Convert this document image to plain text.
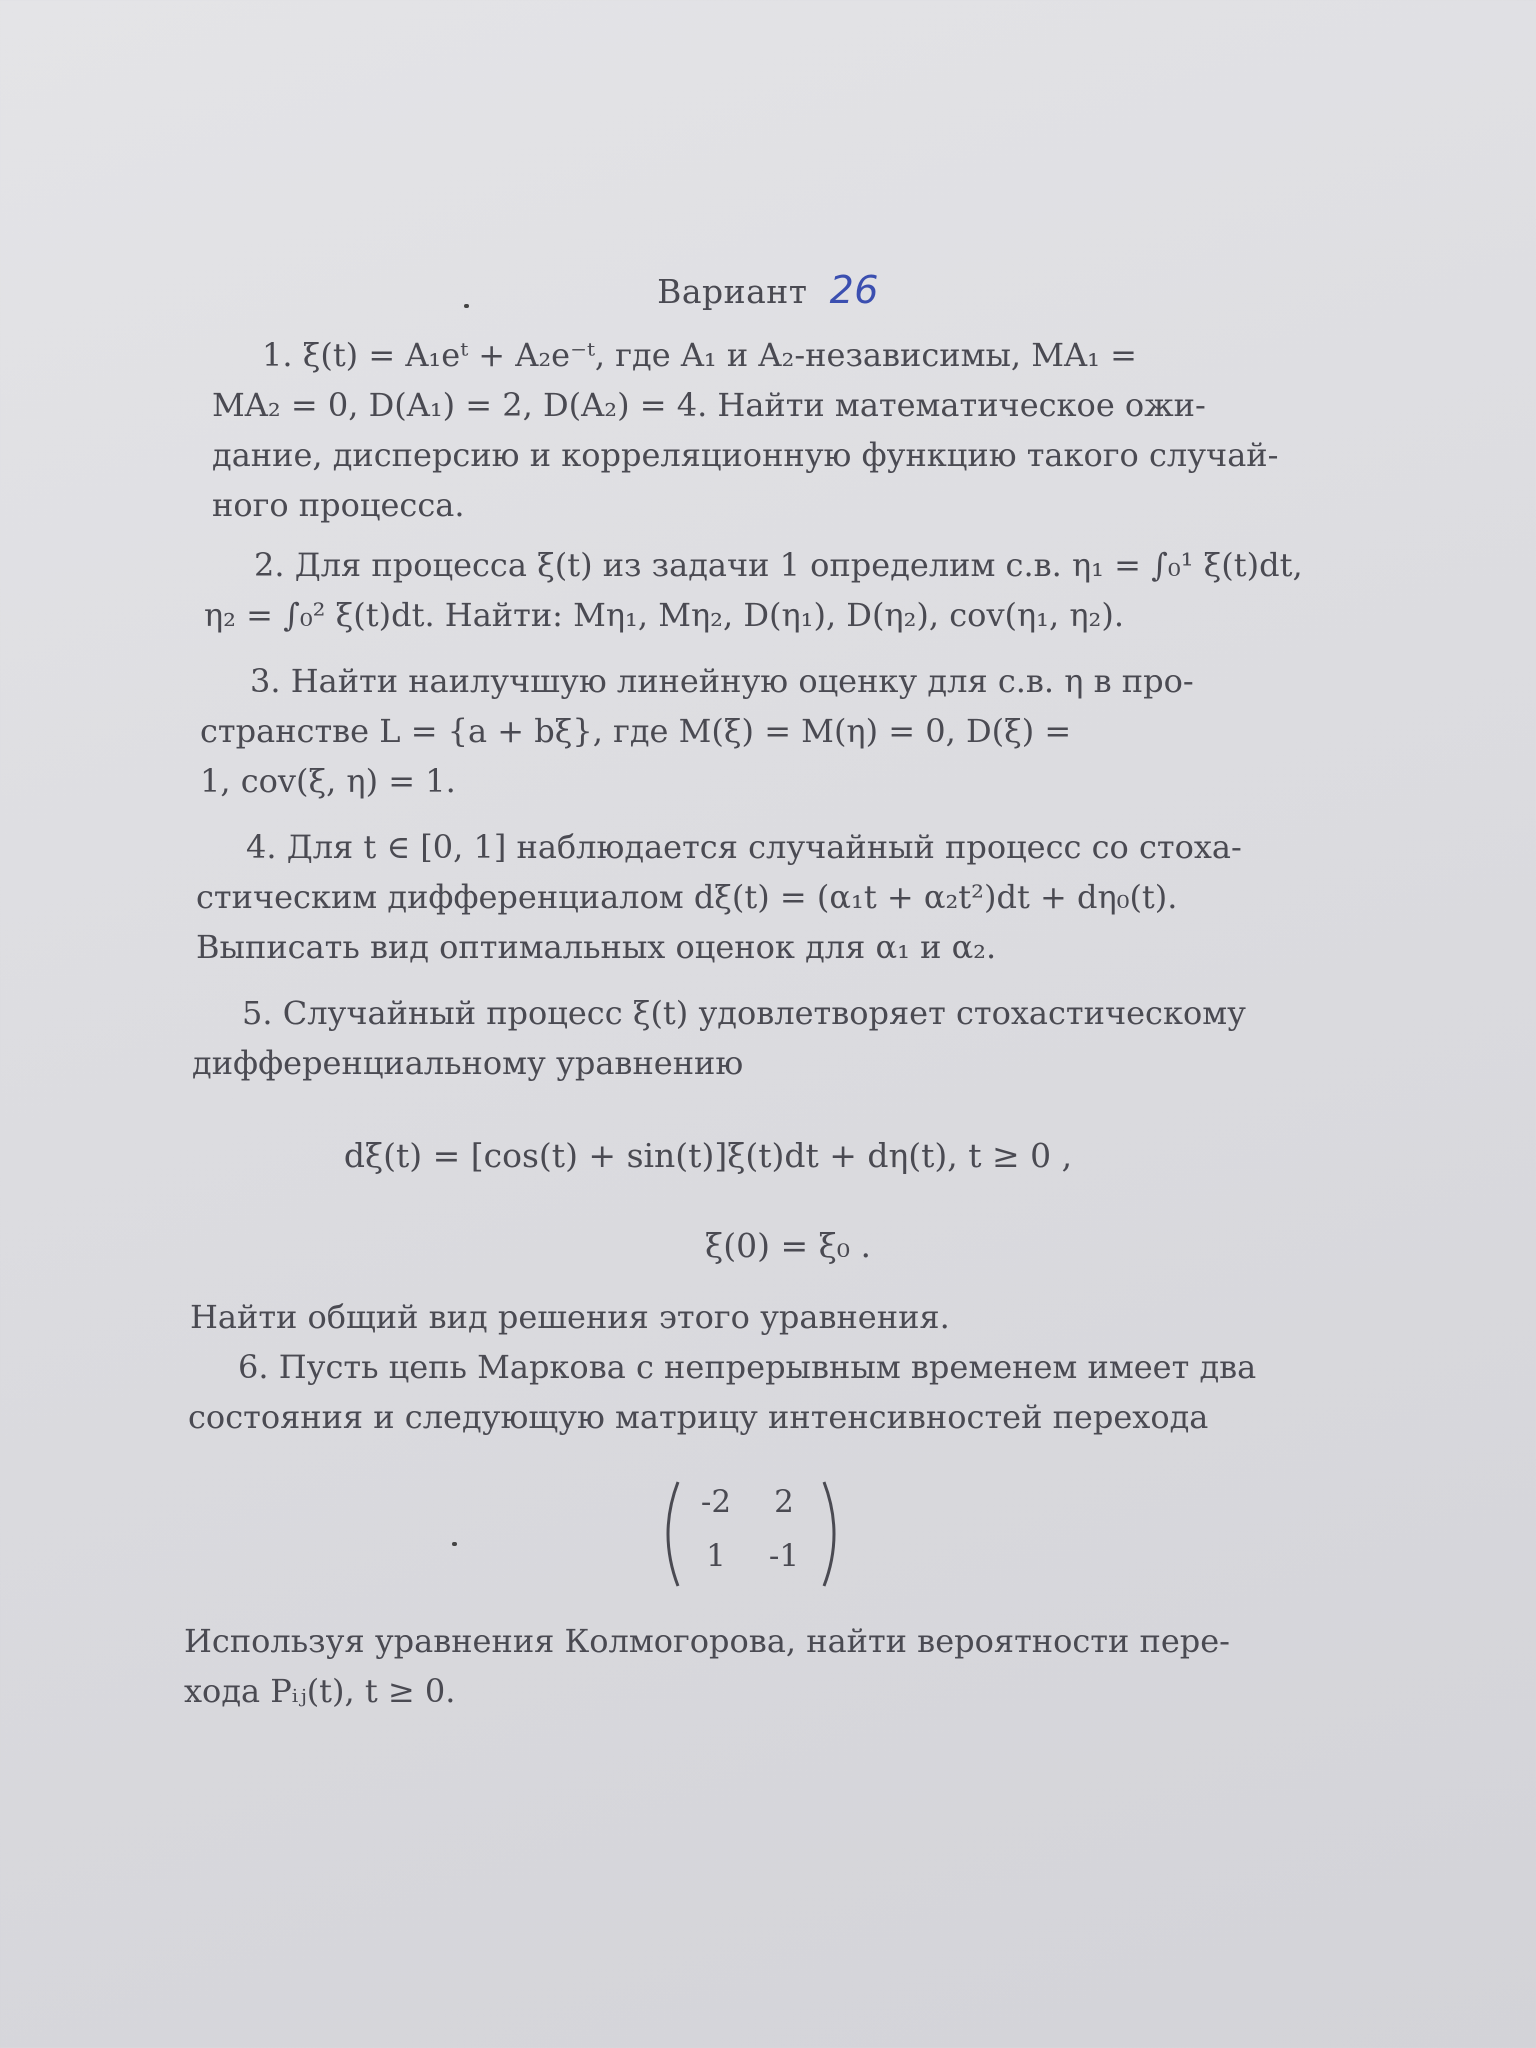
Вариант 26
1. ξ(t) = A₁eᵗ + A₂e⁻ᵗ, где A₁ и A₂-независимы, MA₁ =
MA₂ = 0, D(A₁) = 2, D(A₂) = 4. Найти математическое ожи-
дание, дисперсию и корреляционную функцию такого случай-
ного процесса.
2. Для процесса ξ(t) из задачи 1 определим с.в. η₁ = ∫₀¹ ξ(t)dt,
η₂ = ∫₀² ξ(t)dt. Найти: Mη₁, Mη₂, D(η₁), D(η₂), cov(η₁, η₂).
3. Найти наилучшую линейную оценку для с.в. η в про-
странстве L = {a + bξ}, где M(ξ) = M(η) = 0, D(ξ) =
1, cov(ξ, η) = 1.
4. Для t ∈ [0, 1] наблюдается случайный процесс со стоха-
стическим дифференциалом dξ(t) = (α₁t + α₂t²)dt + dη₀(t).
Выписать вид оптимальных оценок для α₁ и α₂.
5. Случайный процесс ξ(t) удовлетворяет стохастическому
дифференциальному уравнению
dξ(t) = [cos(t) + sin(t)]ξ(t)dt + dη(t), t ≥ 0 ,
ξ(0) = ξ₀ .
Найти общий вид решения этого уравнения.
6. Пусть цепь Маркова с непрерывным временем имеет два
состояния и следующую матрицу интенсивностей перехода
-2	2
1	-1
Используя уравнения Колмогорова, найти вероятности пере-
хода Pᵢⱼ(t), t ≥ 0.
